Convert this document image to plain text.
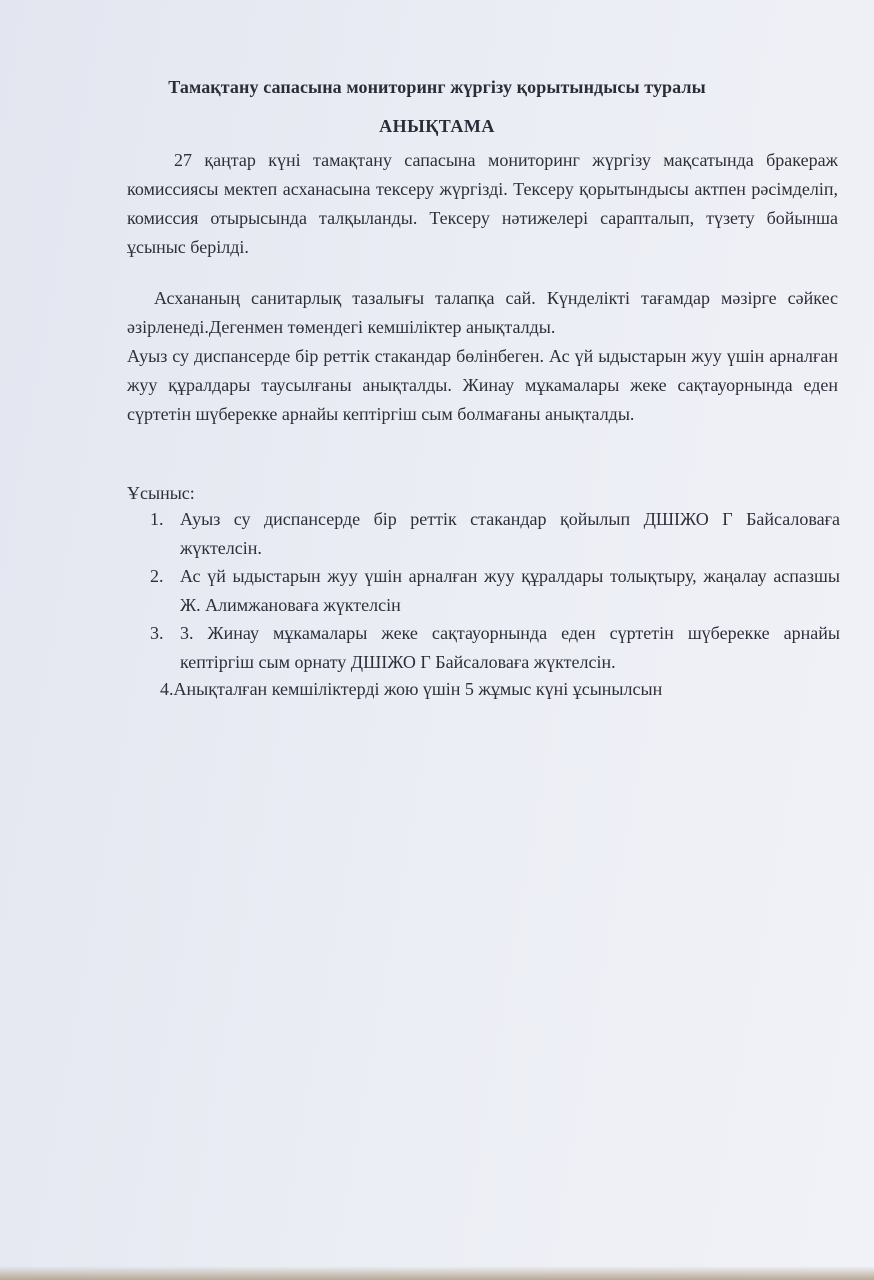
Тамақтану сапасына мониторинг жүргізу қорытындысы туралы
АНЫҚТАМА
27 қаңтар күні тамақтану сапасына мониторинг жүргізу мақсатында бракераж комиссиясы мектеп асханасына тексеру жүргізді. Тексеру қорытындысы актпен рәсімделіп, комиссия отырысында талқыланды. Тексеру нәтижелері сарапталып, түзету бойынша ұсыныс берілді.
Асхананың санитарлық тазалығы талапқа сай. Күнделікті тағамдар мәзірге сәйкес әзірленеді.Дегенмен төмендегі кемшіліктер анықталды.
Ауыз су диспансерде бір реттік стакандар бөлінбеген. Ас үй ыдыстарын жуу үшін арналған жуу құралдары таусылғаны анықталды. Жинау мұкамалары жеке сақтауорнында еден сүртетін шүберекке арнайы кептіргіш сым болмағаны анықталды.
Ұсыныс:
1. Ауыз су диспансерде бір реттік стакандар қойылып ДШІЖО Г Байсаловаға жүктелсін.
2. Ас үй ыдыстарын жуу үшін арналған жуу құралдары толықтыру, жаңалау аспазшы Ж. Алимжановаға жүктелсін
3. 3. Жинау мұкамалары жеке сақтауорнында еден сүртетін шүберекке арнайы кептіргіш сым орнату ДШІЖО Г Байсаловаға жүктелсін.
4.Анықталған кемшіліктерді жою үшін 5 жұмыс күні ұсынылсын
